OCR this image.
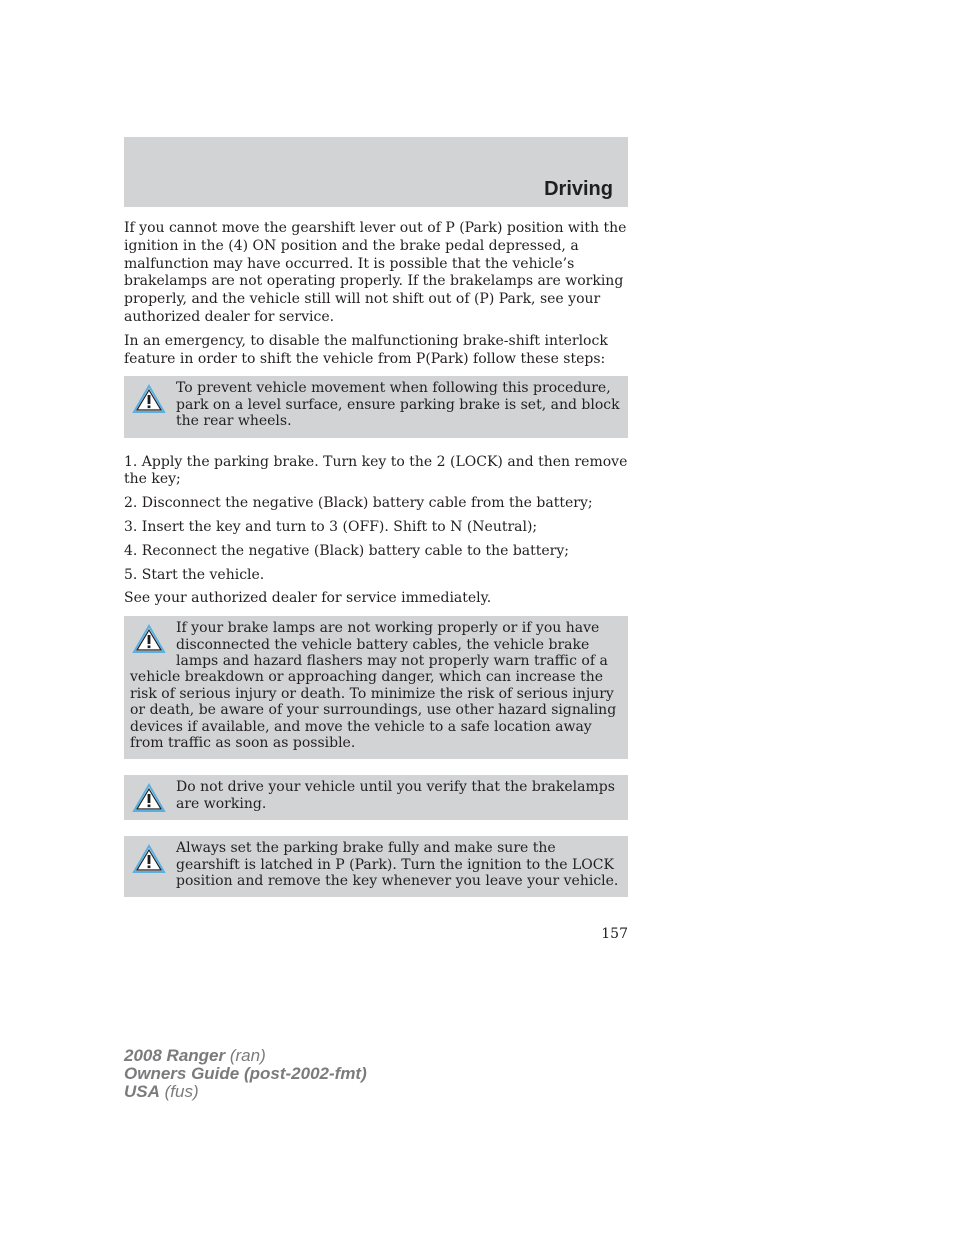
Driving

If you cannot move the gearshift lever out of P (Park) position with the ignition in the (4) ON position and the brake pedal depressed, a malfunction may have occurred. It is possible that the vehicle’s brakelamps are not operating properly. If the brakelamps are working properly, and the vehicle still will not shift out of (P) Park, see your authorized dealer for service.

In an emergency, to disable the malfunctioning brake-shift interlock feature in order to shift the vehicle from P(Park) follow these steps:

To prevent vehicle movement when following this procedure, park on a level surface, ensure parking brake is set, and block the rear wheels.

1. Apply the parking brake. Turn key to the 2 (LOCK) and then remove the key;

2. Disconnect the negative (Black) battery cable from the battery;

3. Insert the key and turn to 3 (OFF). Shift to N (Neutral);

4. Reconnect the negative (Black) battery cable to the battery;

5. Start the vehicle.

See your authorized dealer for service immediately.

If your brake lamps are not working properly or if you have disconnected the vehicle battery cables, the vehicle brake lamps and hazard flashers may not properly warn traffic of a vehicle breakdown or approaching danger, which can increase the risk of serious injury or death. To minimize the risk of serious injury or death, be aware of your surroundings, use other hazard signaling devices if available, and move the vehicle to a safe location away from traffic as soon as possible.

Do not drive your vehicle until you verify that the brakelamps are working.

Always set the parking brake fully and make sure the gearshift is latched in P (Park). Turn the ignition to the LOCK position and remove the key whenever you leave your vehicle.

157

2008 Ranger (ran)
Owners Guide (post-2002-fmt)
USA (fus)
